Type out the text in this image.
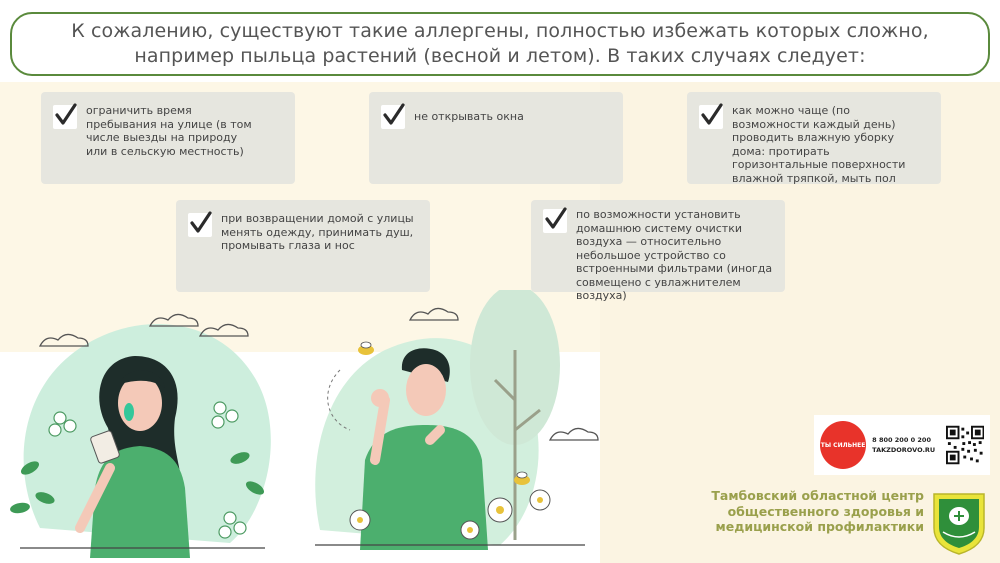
К сожалению, существуют такие аллергены, полностью избежать которых сложно, например пыльца растений (весной и летом). В таких случаях следует:

ограничить время пребывания на улице (в том числе выезды на природу или в сельскую местность)
не открывать окна	как можно чаще (по возможности каждый день) проводить влажную уборку дома: протирать горизонтальные поверхности влажной тряпкой, мыть пол
при возвращении домой с улицы менять одежду, принимать душ, промывать глаза и нос
по возможности установить домашнюю систему очистки воздуха — относительно небольшое устройство со встроенными фильтрами (иногда совмещено с увлажнителем воздуха)
ТЫ СИЛЬНЕЕ
8 800 200 0 200
TAKZDOROVO.RU
Тамбовский областной центр общественного здоровья и медицинской профилактики
